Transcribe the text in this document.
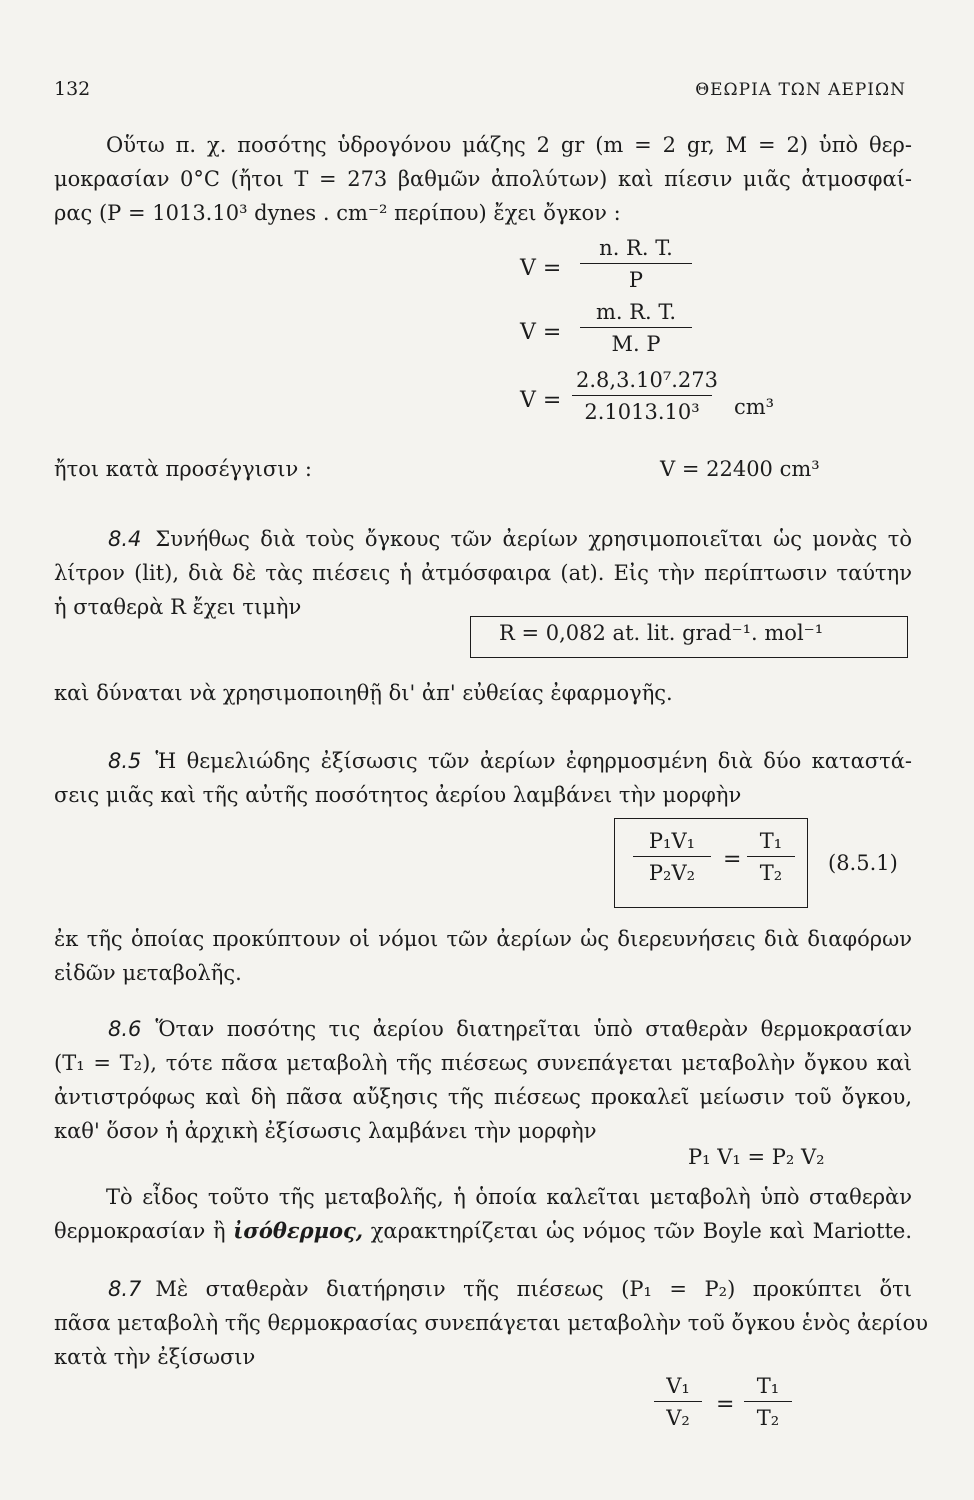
132	ΘΕΩΡΙΑ ΤΩΝ ΑΕΡΙΩΝ
Οὕτω π. χ. ποσότης ὑδρογόνου μάζης 2 gr (m = 2 gr, M = 2) ὑπὸ θερ-
μοκρασίαν 0°C (ἤτοι T = 273 βαθμῶν ἀπολύτων) καὶ πίεσιν μιᾶς ἀτμοσφαί-
ρας (P = 1013.10³ dynes . cm⁻² περίπου) ἔχει ὄγκον :
$V = \frac{n. R. T.}{P}$
$V = \frac{m. R. T.}{M. P}$
$V = \frac{\text{2.8,3.10⁷.273}}{\text{2.1013.10³}} cm^3$
ἤτοι κατὰ προσέγγισιν :	V = 22400 cm³
8.4 Συνήθως διὰ τοὺς ὄγκους τῶν ἀερίων χρησιμοποιεῖται ὡς μονὰς τὸ
λίτρον (lit), διὰ δὲ τὰς πιέσεις ἡ ἀτμόσφαιρα (at). Εἰς τὴν περίπτωσιν ταύτην
ἡ σταθερὰ R ἔχει τιμὴν
R = 0,082 at. lit. grad⁻¹. mol⁻¹
καὶ δύναται νὰ χρησιμοποιηθῇ δι' ἀπ' εὐθείας ἐφαρμογῆς.
8.5 Ἡ θεμελιώδης ἐξίσωσις τῶν ἀερίων ἐφηρμοσμένη διὰ δύο καταστά-
σεις μιᾶς καὶ τῆς αὐτῆς ποσότητος ἀερίου λαμβάνει τὴν μορφὴν
$\frac{\text{P₁V₁}}{\text{P₂V₂}} = \frac{\text{T₁}}{\text{T₂}} (8.5.1)$
ἐκ τῆς ὁποίας προκύπτουν οἱ νόμοι τῶν ἀερίων ὡς διερευνήσεις διὰ διαφόρων
εἰδῶν μεταβολῆς.
8.6 Ὅταν ποσότης τις ἀερίου διατηρεῖται ὑπὸ σταθερὰν θερμοκρασίαν
(T₁ = T₂), τότε πᾶσα μεταβολὴ τῆς πιέσεως συνεπάγεται μεταβολὴν ὄγκου καὶ
ἀντιστρόφως καὶ δὴ πᾶσα αὔξησις τῆς πιέσεως προκαλεῖ μείωσιν τοῦ ὄγκου,
καθ' ὅσον ἡ ἀρχικὴ ἐξίσωσις λαμβάνει τὴν μορφὴν
P₁ V₁ = P₂ V₂
Τὸ εἶδος τοῦτο τῆς μεταβολῆς, ἡ ὁποία καλεῖται μεταβολὴ ὑπὸ σταθερὰν
θερμοκρασίαν ἢ ἰσόθερμος, χαρακτηρίζεται ὡς νόμος τῶν Boyle καὶ Mariotte.
8.7 Μὲ σταθερὰν διατήρησιν τῆς πιέσεως (P₁ = P₂) προκύπτει ὅτι
πᾶσα μεταβολὴ τῆς θερμοκρασίας συνεπάγεται μεταβολὴν τοῦ ὄγκου ἑνὸς ἀερίου
κατὰ τὴν ἐξίσωσιν
$\frac{\text{V₁}}{\text{V₂}} = \frac{\text{T₁}}{\text{T₂}}$
